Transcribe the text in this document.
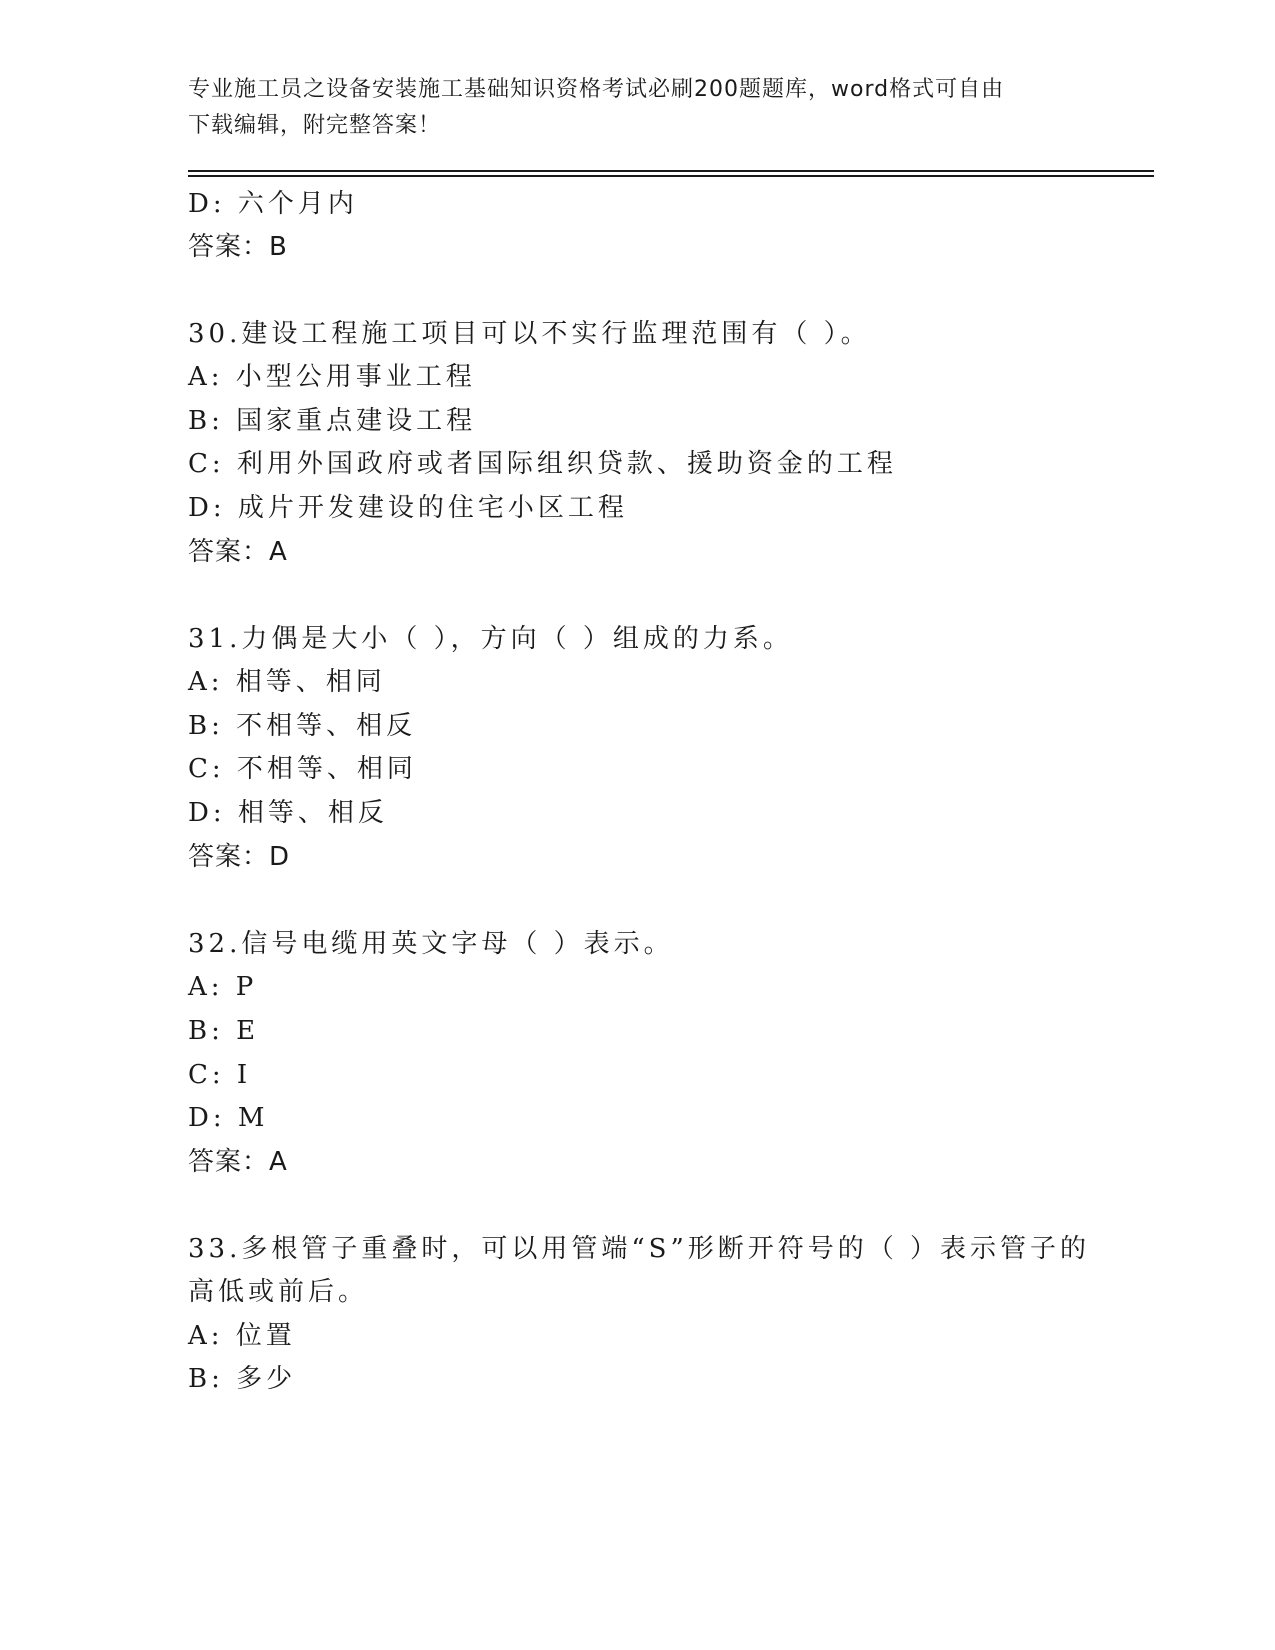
专业施工员之设备安装施工基础知识资格考试必刷200题题库，word格式可自由
下载编辑，附完整答案！
D: 六个月内
答案：B
30.建设工程施工项目可以不实行监理范围有（ ）。
A: 小型公用事业工程
B: 国家重点建设工程
C: 利用外国政府或者国际组织贷款、援助资金的工程
D: 成片开发建设的住宅小区工程
答案：A
31.力偶是大小（ ），方向（ ）组成的力系。
A: 相等、相同
B: 不相等、相反
C: 不相等、相同
D: 相等、相反
答案：D
32.信号电缆用英文字母（ ）表示。
A: P
B: E
C: I
D: M
答案：A
33.多根管子重叠时，可以用管端“S”形断开符号的（ ）表示管子的
高低或前后。
A: 位置
B: 多少
